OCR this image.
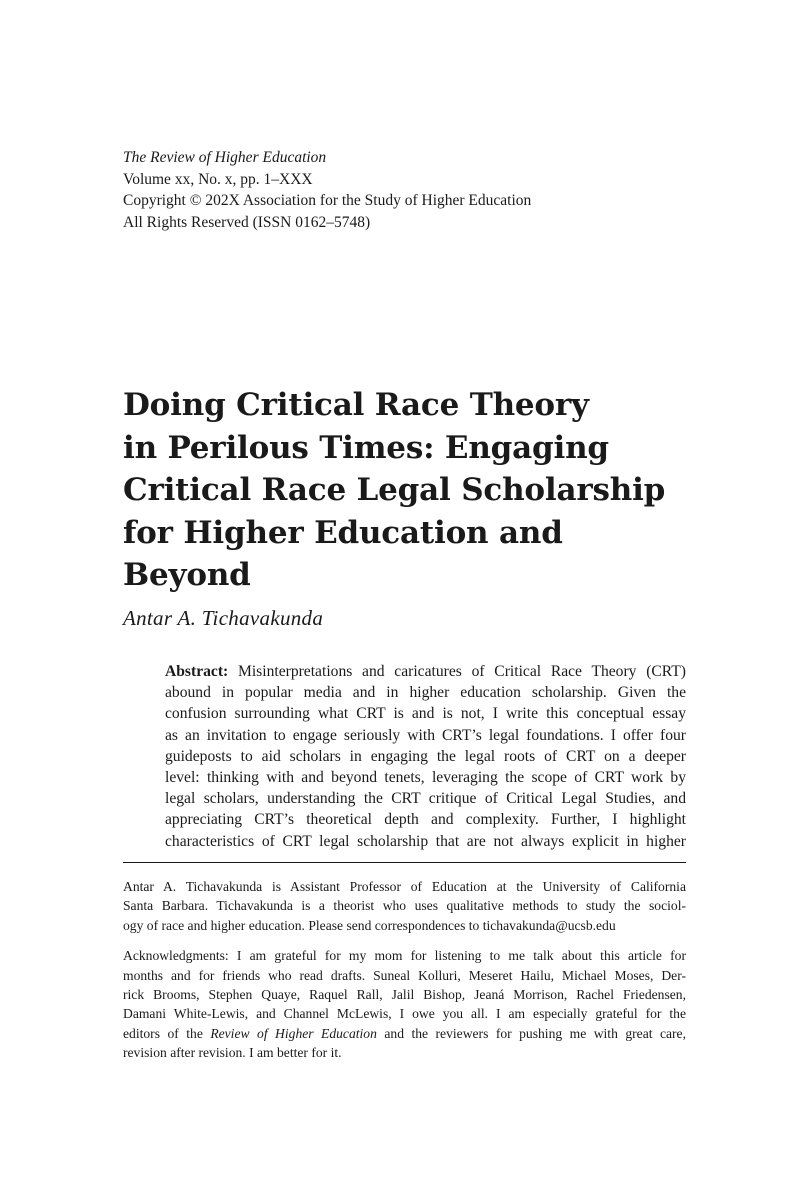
The Review of Higher Education
Volume xx, No. x, pp. 1–XXX
Copyright © 202X Association for the Study of Higher Education
All Rights Reserved (ISSN 0162–5748)
Doing Critical Race Theory
in Perilous Times: Engaging
Critical Race Legal Scholarship
for Higher Education and
Beyond
Antar A. Tichavakunda
Abstract: Misinterpretations and caricatures of Critical Race Theory (CRT)
abound in popular media and in higher education scholarship. Given the
confusion surrounding what CRT is and is not, I write this conceptual essay
as an invitation to engage seriously with CRT’s legal foundations. I offer four
guideposts to aid scholars in engaging the legal roots of CRT on a deeper
level: thinking with and beyond tenets, leveraging the scope of CRT work by
legal scholars, understanding the CRT critique of Critical Legal Studies, and
appreciating CRT’s theoretical depth and complexity. Further, I highlight
characteristics of CRT legal scholarship that are not always explicit in higher
Antar A. Tichavakunda is Assistant Professor of Education at the University of California
Santa Barbara. Tichavakunda is a theorist who uses qualitative methods to study the sociol-
ogy of race and higher education. Please send correspondences to tichavakunda@ucsb.edu
Acknowledgments: I am grateful for my mom for listening to me talk about this article for
months and for friends who read drafts. Suneal Kolluri, Meseret Hailu, Michael Moses, Der-
rick Brooms, Stephen Quaye, Raquel Rall, Jalil Bishop, Jeaná Morrison, Rachel Friedensen,
Damani White-Lewis, and Channel McLewis, I owe you all. I am especially grateful for the
editors of the Review of Higher Education and the reviewers for pushing me with great care,
revision after revision. I am better for it.
